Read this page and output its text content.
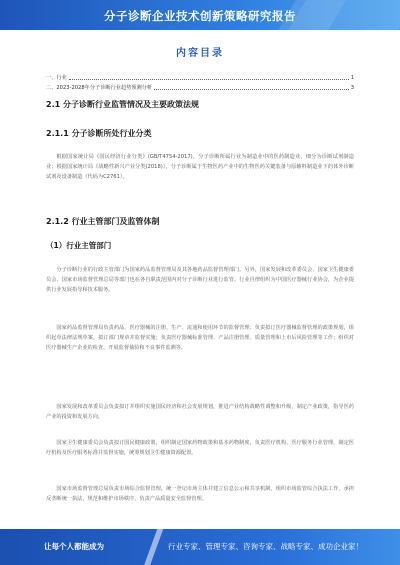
分子诊断企业技术创新策略研究报告
内容目录
一、行业	1
二、2023-2028年分子诊断行业趋势预测分析	3
2.1 分子诊断行业监管情况及主要政策法规
2.1.1 分子诊断所处行业分类

根据国家统计局《国民经济行业分类》(GB/T4754-2017)，分子诊断所属行业为制造业中的医药制造业，细分为诊断试剂制造业；根据国家统计局《战略性新兴产业分类(2018)》，分子诊断属于生物医药产业中的生物医药关键装备与原辅料制造业下的体外诊断试剂及设备制造（代码为C2761）。

2.1.2 行业主管部门及监管体制
（1）行业主管部门

分子诊断行业的行政主管部门为国家药品监督管理局及其各地药品监督管理部门。另外，国家发展和改革委员会、国家卫生健康委员会、国家市场监督管理总局等部门也在各自职责范围内对分子诊断行业进行监管。行业自律组织为中国医疗器械行业协会，为企业提供行业发展指导和技术服务。

国家药品监督管理局负责药品、医疗器械的注册、生产、流通和使用环节的监督管理；负责拟订医疗器械监督管理的政策规划，组织起草法律法规草案，拟订部门规章并监督实施；负责医疗器械标准管理、产品注册管理、质量管理和上市后风险管理等工作；组织对医疗器械生产企业的检查，开展监督抽验和不良事件监测等。

国家发展和改革委员会负责拟订并组织实施国民经济和社会发展规划，推进产业结构战略性调整和升级，制定产业政策，指导医药产业的投资和发展方向。

国家卫生健康委员会负责拟订国民健康政策，组织制定国家药物政策和基本药物制度，负责医疗机构、医疗服务行业管理，制定医疗机构及医疗服务标准并监督实施，统筹规划卫生健康资源配置。

国家市场监督管理总局负责市场综合监督管理，统一登记市场主体并建立信息公示和共享机制，组织市场监管综合执法工作，承担反垄断统一执法，规范和维护市场秩序，负责产品质量安全监督管理。

让每个人都能成为	行业专家、管理专家、咨询专家、战略专家、成功企业家！
